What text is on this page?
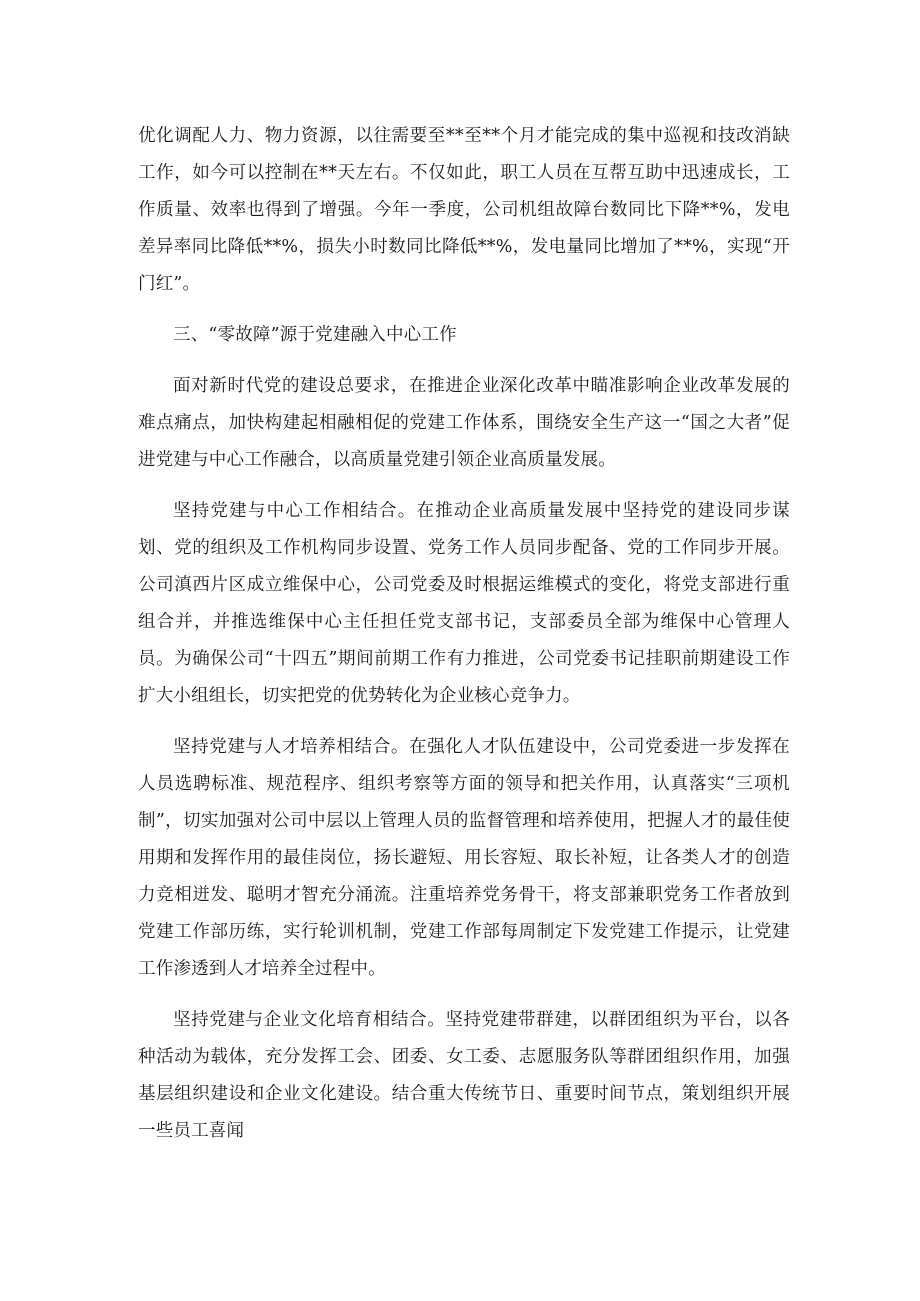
优化调配人力、物力资源，以往需要至**至**个月才能完成的集中巡视和技改消缺工作，如今可以控制在**天左右。不仅如此，职工人员在互帮互助中迅速成长，工作质量、效率也得到了增强。今年一季度，公司机组故障台数同比下降**%，发电差异率同比降低**%，损失小时数同比降低**%，发电量同比增加了**%，实现“开门红”。

三、“零故障”源于党建融入中心工作

面对新时代党的建设总要求，在推进企业深化改革中瞄准影响企业改革发展的难点痛点，加快构建起相融相促的党建工作体系，围绕安全生产这一“国之大者”促进党建与中心工作融合，以高质量党建引领企业高质量发展。

坚持党建与中心工作相结合。在推动企业高质量发展中坚持党的建设同步谋划、党的组织及工作机构同步设置、党务工作人员同步配备、党的工作同步开展。公司滇西片区成立维保中心，公司党委及时根据运维模式的变化，将党支部进行重组合并，并推选维保中心主任担任党支部书记，支部委员全部为维保中心管理人员。为确保公司“十四五”期间前期工作有力推进，公司党委书记挂职前期建设工作扩大小组组长，切实把党的优势转化为企业核心竞争力。

坚持党建与人才培养相结合。在强化人才队伍建设中，公司党委进一步发挥在人员选聘标准、规范程序、组织考察等方面的领导和把关作用，认真落实“三项机制”，切实加强对公司中层以上管理人员的监督管理和培养使用，把握人才的最佳使用期和发挥作用的最佳岗位，扬长避短、用长容短、取长补短，让各类人才的创造力竞相迸发、聪明才智充分涌流。注重培养党务骨干，将支部兼职党务工作者放到党建工作部历练，实行轮训机制，党建工作部每周制定下发党建工作提示，让党建工作渗透到人才培养全过程中。

坚持党建与企业文化培育相结合。坚持党建带群建，以群团组织为平台，以各种活动为载体，充分发挥工会、团委、女工委、志愿服务队等群团组织作用，加强基层组织建设和企业文化建设。结合重大传统节日、重要时间节点，策划组织开展一些员工喜闻
